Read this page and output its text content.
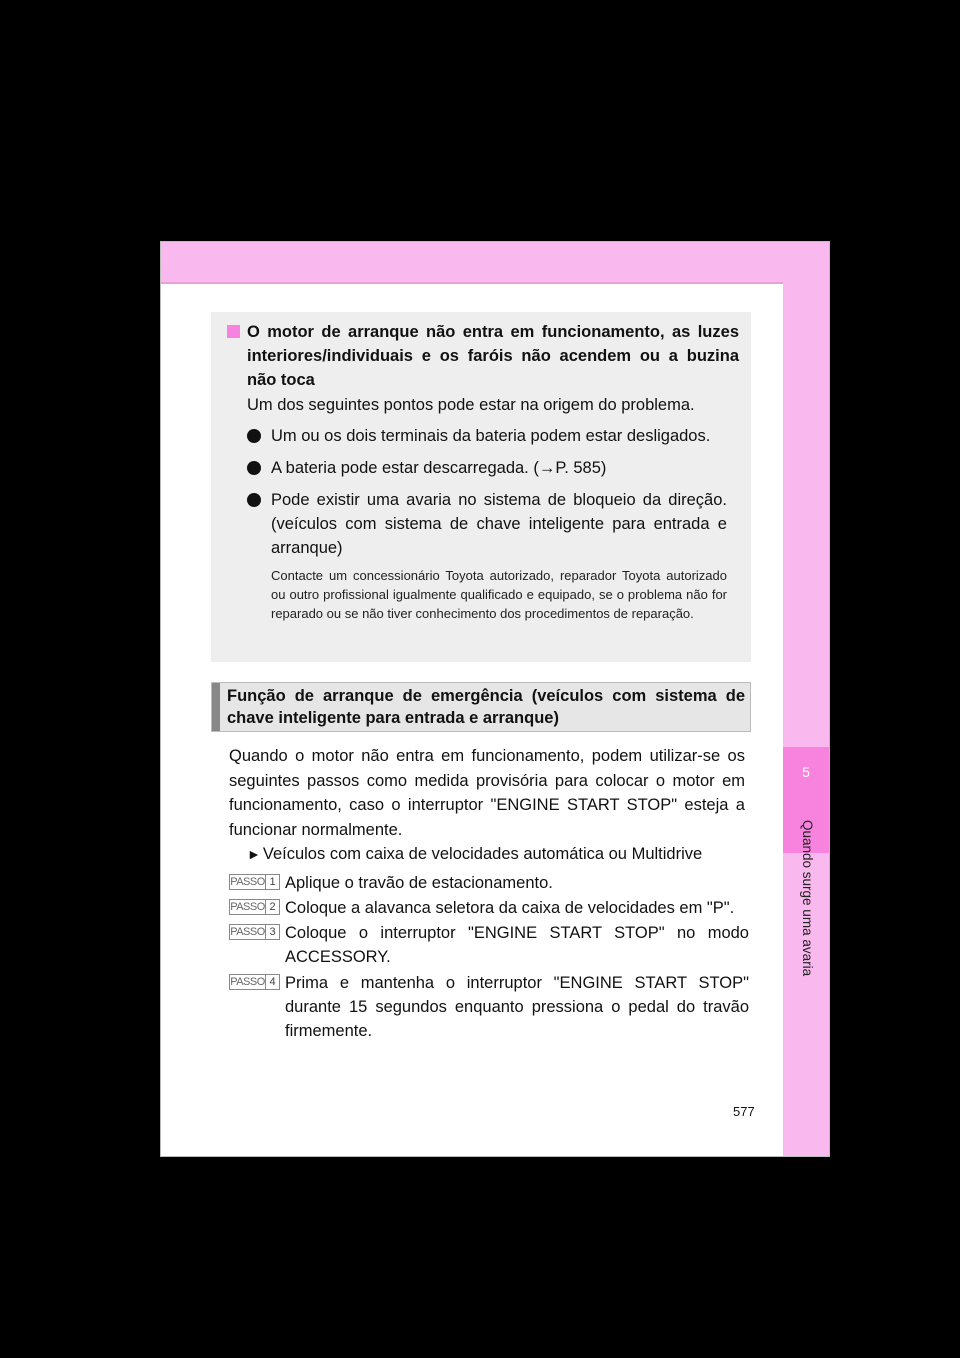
5
Quando surge uma avaria
O motor de arranque não entra em funcionamento, as luzes interiores/individuais e os faróis não acendem ou a buzina não toca
Um dos seguintes pontos pode estar na origem do problema.
Um ou os dois terminais da bateria podem estar desligados.
A bateria pode estar descarregada. (→P. 585)
Pode existir uma avaria no sistema de bloqueio da direção. (veículos com sistema de chave inteligente para entrada e arranque)
Contacte um concessionário Toyota autorizado, reparador Toyota autorizado ou outro profissional igualmente qualificado e equipado, se o problema não for reparado ou se não tiver conhecimento dos procedimentos de reparação.
Função de arranque de emergência (veículos com sistema de chave inteligente para entrada e arranque)
Quando o motor não entra em funcionamento, podem utilizar-se os seguintes passos como medida provisória para colocar o motor em funcionamento, caso o interruptor "ENGINE START STOP" esteja a funcionar normalmente.
► Veículos com caixa de velocidades automática ou Multidrive
PASSO 1 Aplique o travão de estacionamento.
PASSO 2 Coloque a alavanca seletora da caixa de velocidades em "P".
PASSO 3 Coloque o interruptor "ENGINE START STOP" no modo ACCESSORY.
PASSO 4 Prima e mantenha o interruptor "ENGINE START STOP" durante 15 segundos enquanto pressiona o pedal do travão firmemente.
577
